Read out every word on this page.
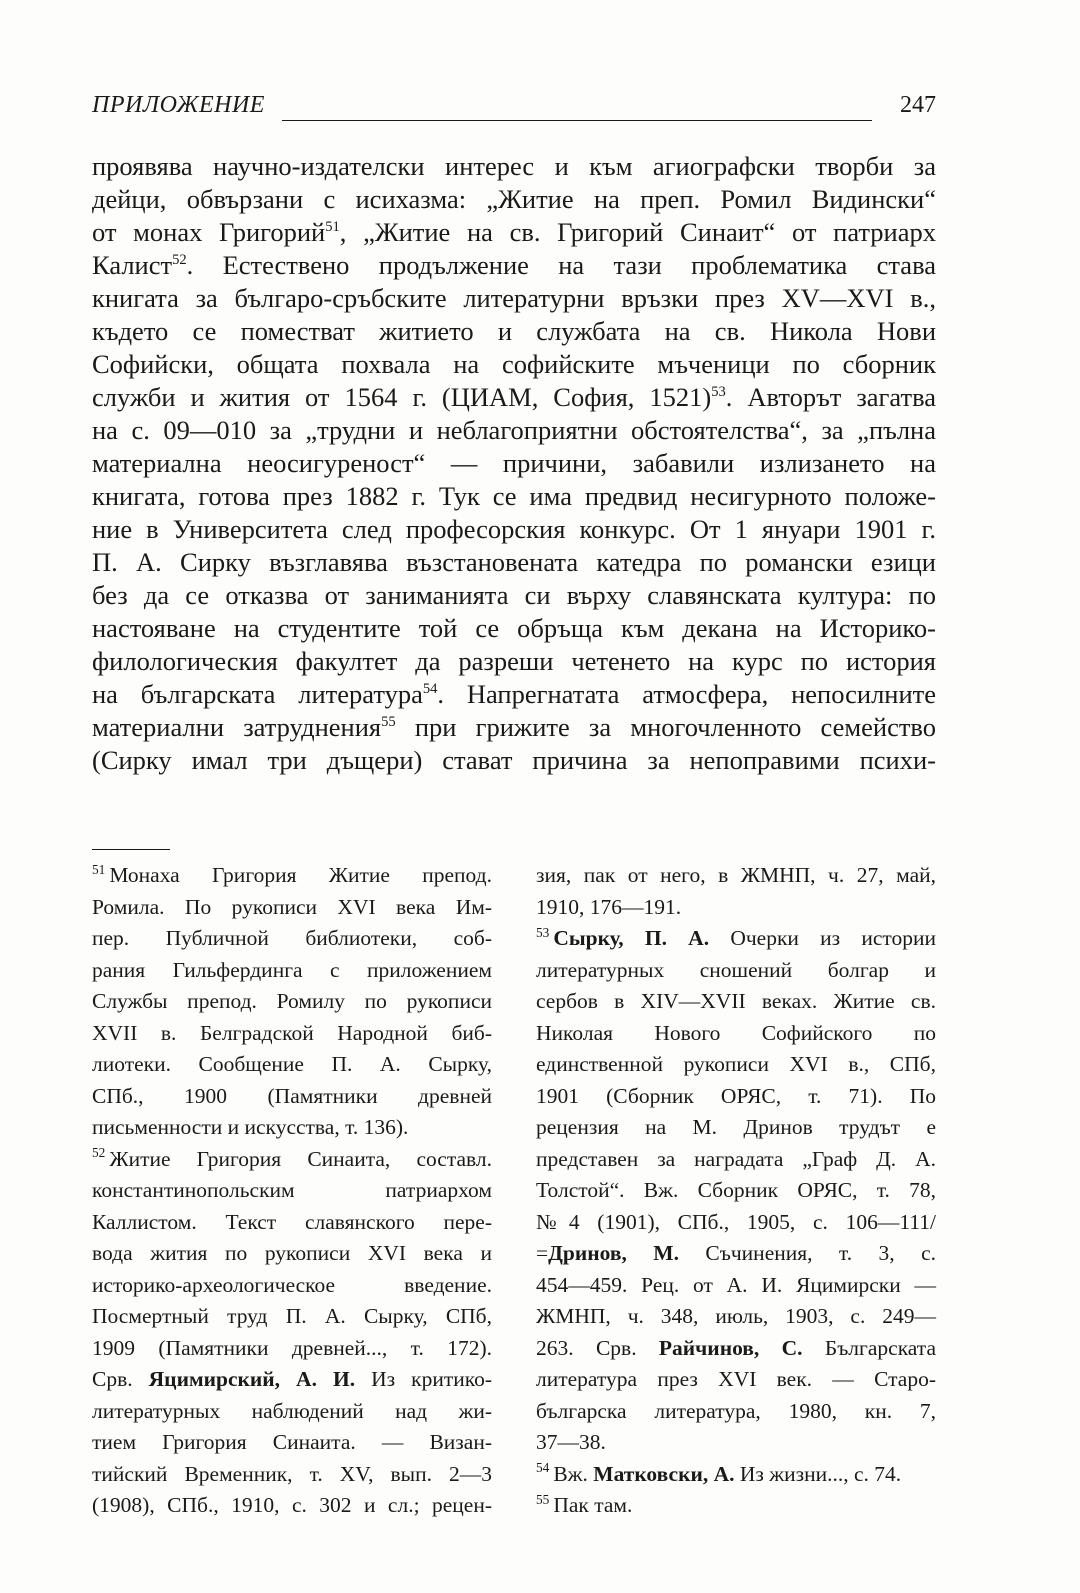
ПРИЛОЖЕНИЕ	247
проявява научно-издателски интерес и към агиографски творби за
дейци, обвързани с исихазма: „Житие на преп. Ромил Видински“
от монах Григорий$^{51}$, „Житие на св. Григорий Синаит“ от патриарх
Калист$^{52}$. Естествено продължение на тази проблематика става
книгата за българо-сръбските литературни връзки през XV—XVI в.,
където се поместват житието и службата на св. Никола Нови
Софийски, общата похвала на софийските мъченици по сборник
служби и жития от 1564 г. (ЦИАМ, София, 1521)$^{53}$. Авторът загатва
на с. 09—010 за „трудни и неблагоприятни обстоятелства“, за „пълна
материална неосигуреност“ — причини, забавили излизането на
книгата, готова през 1882 г. Тук се има предвид несигурното положе-
ние в Университета след професорския конкурс. От 1 януари 1901 г.
П. А. Сирку възглавява възстановената катедра по романски езици
без да се отказва от заниманията си върху славянската култура: по
настояване на студентите той се обръща към декана на Историко-
филологическия факултет да разреши четенето на курс по история
на българската литература$^{54}$. Напрегнатата атмосфера, непосилните
материални затруднения$^{55}$ при грижите за многочленното семейство
(Сирку имал три дъщери) стават причина за непоправими психи-
$^{51}$ Монаха Григория Житие препод.
Ромила. По рукописи XVI века Им-
пер. Публичной библиотеки, соб-
рания Гильфердинга с приложением
Службы препод. Ромилу по рукописи
XVII в. Белградской Народной биб-
лиотеки. Сообщение П. А. Сырку,
СПб., 1900 (Памятники древней
письменности и искусства, т. 136).
$^{52}$ Житие Григория Синаита, составл.
константинопольским патриархом
Каллистом. Текст славянского пере-
вода жития по рукописи XVI века и
историко-археологическое введение.
Посмертный труд П. А. Сырку, СПб,
1909 (Памятники древней..., т. 172).
Срв. Яцимирский, А. И. Из критико-
литературных наблюдений над жи-
тием Григория Синаита. — Визан-
тийский Временник, т. XV, вып. 2—3
(1908), СПб., 1910, с. 302 и сл.; рецен-
зия, пак от него, в ЖМНП, ч. 27, май,
1910, 176—191.
$^{53}$ Сырку, П. А. Очерки из истории
литературных сношений болгар и
сербов в XIV—XVII веках. Житие св.
Николая Нового Софийского по
единственной рукописи XVI в., СПб,
1901 (Сборник ОРЯС, т. 71). По
рецензия на М. Дринов трудът е
представен за наградата „Граф Д. А.
Толстой“. Вж. Сборник ОРЯС, т. 78,
№4 (1901), СПб., 1905, с. 106—111/
=Дринов, М. Съчинения, т. 3, с.
454—459. Рец. от А. И. Яцимирски —
ЖМНП, ч. 348, июль, 1903, с. 249—
263. Срв. Райчинов, С. Българската
литература през XVI век. — Старо-
българска литература, 1980, кн. 7,
37—38.
$^{54}$ Вж. Матковски, А. Из жизни..., с. 74.
$^{55}$ Пак там.
